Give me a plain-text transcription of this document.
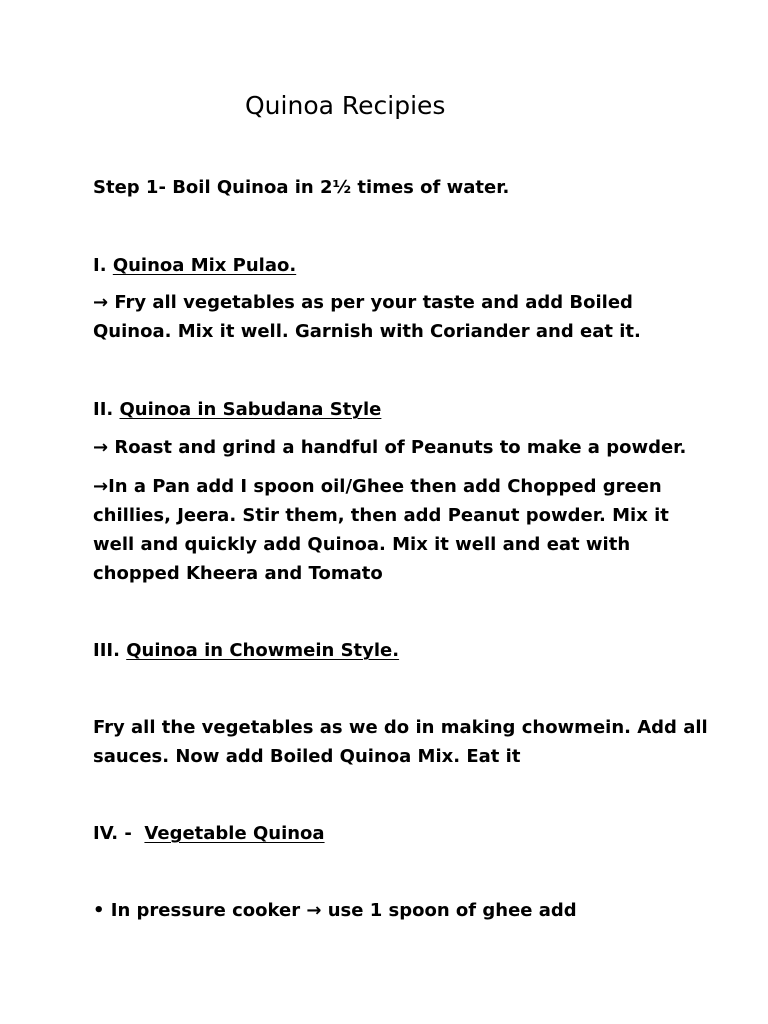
Quinoa Recipies
Step 1- Boil Quinoa in 2½ times of water.
I. Quinoa Mix Pulao.
→ Fry all vegetables as per your taste and add Boiled
Quinoa. Mix it well. Garnish with Coriander and eat it.
II. Quinoa in Sabudana Style
→ Roast and grind a handful of Peanuts to make a powder.
→In a Pan add I spoon oil/Ghee then add Chopped green
chillies, Jeera. Stir them, then add Peanut powder. Mix it
well and quickly add Quinoa. Mix it well and eat with
chopped Kheera and Tomato
III. Quinoa in Chowmein Style.
Fry all the vegetables as we do in making chowmein. Add all
sauces. Now add Boiled Quinoa Mix. Eat it
IV. -  Vegetable Quinoa
• In pressure cooker → use 1 spoon of ghee add
